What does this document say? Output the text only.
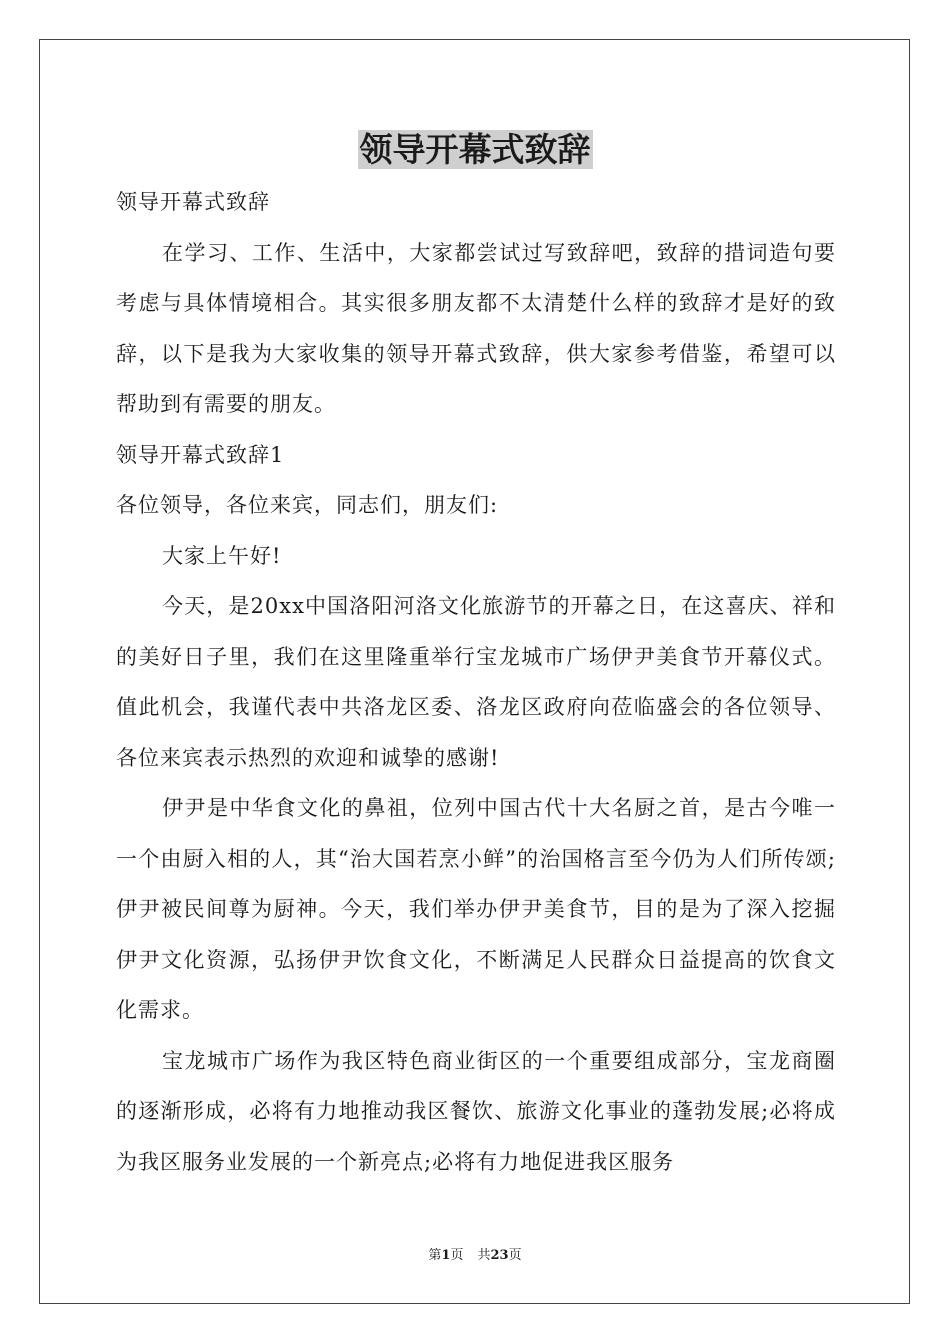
领导开幕式致辞

领导开幕式致辞

在学习、工作、生活中，大家都尝试过写致辞吧，致辞的措词造句要考虑与具体情境相合。其实很多朋友都不太清楚什么样的致辞才是好的致辞，以下是我为大家收集的领导开幕式致辞，供大家参考借鉴，希望可以帮助到有需要的朋友。

领导开幕式致辞1

各位领导，各位来宾，同志们，朋友们:

大家上午好!

今天，是20xx中国洛阳河洛文化旅游节的开幕之日，在这喜庆、祥和的美好日子里，我们在这里隆重举行宝龙城市广场伊尹美食节开幕仪式。值此机会，我谨代表中共洛龙区委、洛龙区政府向莅临盛会的各位领导、各位来宾表示热烈的欢迎和诚挚的感谢!

伊尹是中华食文化的鼻祖，位列中国古代十大名厨之首，是古今唯一一个由厨入相的人，其“治大国若烹小鲜”的治国格言至今仍为人们所传颂;伊尹被民间尊为厨神。今天，我们举办伊尹美食节，目的是为了深入挖掘伊尹文化资源，弘扬伊尹饮食文化，不断满足人民群众日益提高的饮食文化需求。

宝龙城市广场作为我区特色商业街区的一个重要组成部分，宝龙商圈的逐渐形成，必将有力地推动我区餐饮、旅游文化事业的蓬勃发展;必将成为我区服务业发展的一个新亮点;必将有力地促进我区服务

第1页 共23页
